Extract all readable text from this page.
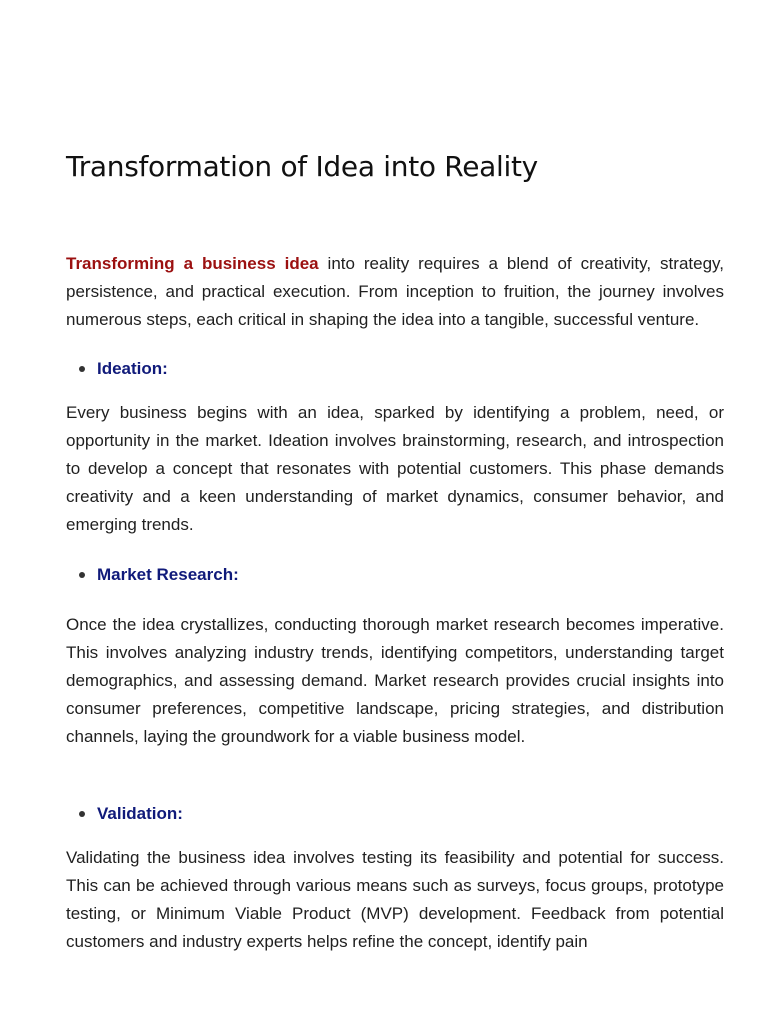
Transformation of Idea into Reality

Transforming a business idea into reality requires a blend of creativity, strategy, persistence, and practical execution. From inception to fruition, the journey involves numerous steps, each critical in shaping the idea into a tangible, successful venture.

Ideation:

Every business begins with an idea, sparked by identifying a problem, need, or opportunity in the market. Ideation involves brainstorming, research, and introspection to develop a concept that resonates with potential customers. This phase demands creativity and a keen understanding of market dynamics, consumer behavior, and emerging trends.

Market Research:

Once the idea crystallizes, conducting thorough market research becomes imperative. This involves analyzing industry trends, identifying competitors, understanding target demographics, and assessing demand. Market research provides crucial insights into consumer preferences, competitive landscape, pricing strategies, and distribution channels, laying the groundwork for a viable business model.

Validation:

Validating the business idea involves testing its feasibility and potential for success. This can be achieved through various means such as surveys, focus groups, prototype testing, or Minimum Viable Product (MVP) development. Feedback from potential customers and industry experts helps refine the concept, identify pain
